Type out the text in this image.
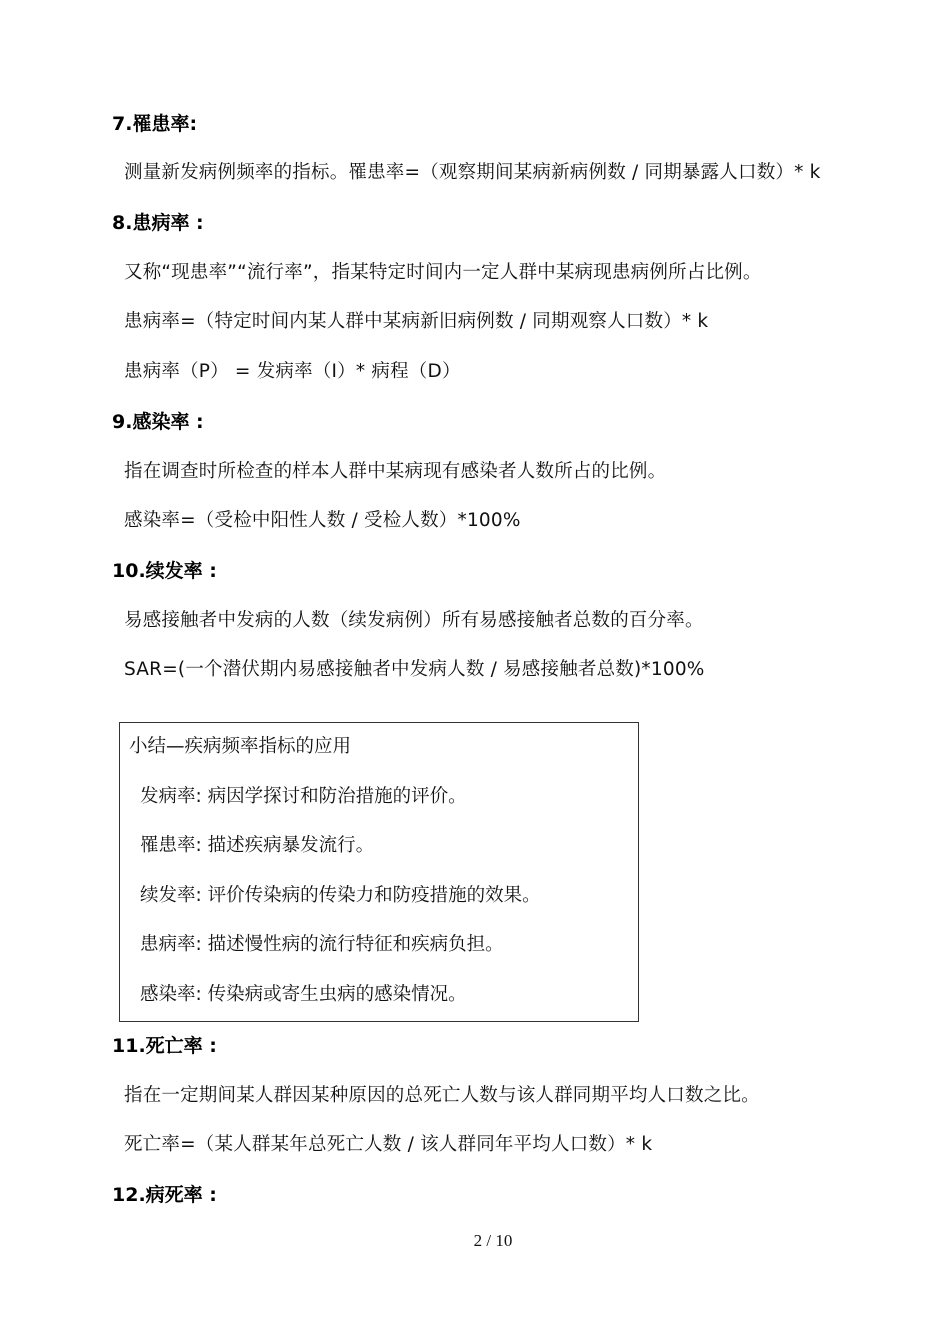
7.罹患率:
测量新发病例频率的指标。罹患率=（观察期间某病新病例数 / 同期暴露人口数）* k
8.患病率 :
又称“现患率”“流行率”，指某特定时间内一定人群中某病现患病例所占比例。
患病率=（特定时间内某人群中某病新旧病例数 / 同期观察人口数）* k
患病率（P） = 发病率（I）* 病程（D）
9.感染率 :
指在调查时所检查的样本人群中某病现有感染者人数所占的比例。
感染率=（受检中阳性人数 / 受检人数）*100%
10.续发率 :
易感接触者中发病的人数（续发病例）所有易感接触者总数的百分率。
SAR=(一个潜伏期内易感接触者中发病人数 / 易感接触者总数)*100%
小结—疾病频率指标的应用
发病率: 病因学探讨和防治措施的评价。
罹患率: 描述疾病暴发流行。
续发率: 评价传染病的传染力和防疫措施的效果。
患病率: 描述慢性病的流行特征和疾病负担。
感染率: 传染病或寄生虫病的感染情况。
11.死亡率 :
指在一定期间某人群因某种原因的总死亡人数与该人群同期平均人口数之比。
死亡率=（某人群某年总死亡人数 / 该人群同年平均人口数）* k
12.病死率 :
2 / 10
